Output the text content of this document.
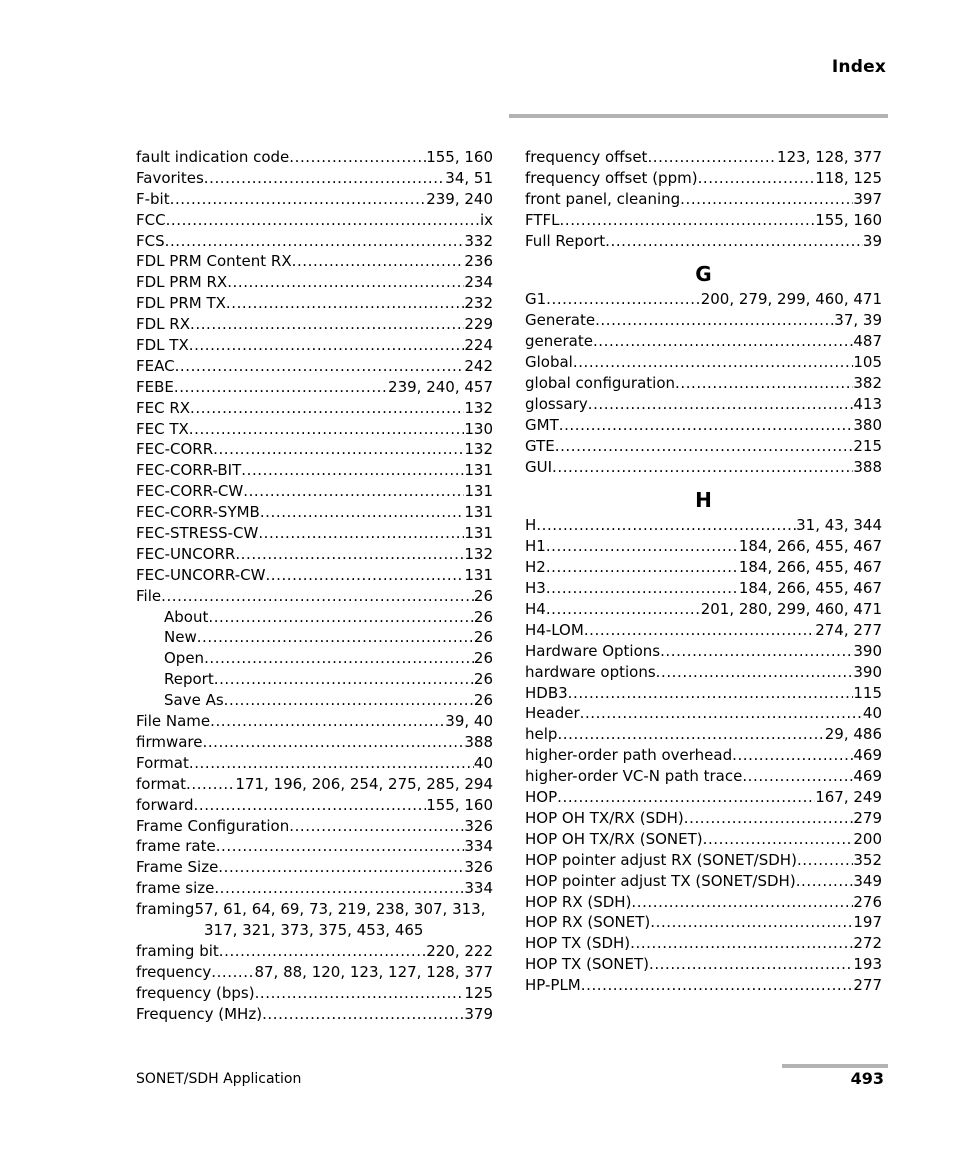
Index
fault indication code . . .	155, 160
Favorites . . .	34, 51
F-bit . . .	239, 240
FCC . . .	ix
FCS . . .	332
FDL PRM Content RX . . .	236
FDL PRM RX . . .	234
FDL PRM TX . . .	232
FDL RX . . .	229
FDL TX . . .	224
FEAC . . .	242
FEBE . . .	239, 240, 457
FEC RX . . .	132
FEC TX . . .	130
FEC-CORR . . .	132
FEC-CORR-BIT . . .	131
FEC-CORR-CW . . .	131
FEC-CORR-SYMB . . .	131
FEC-STRESS-CW . . .	131
FEC-UNCORR . . .	132
FEC-UNCORR-CW . . .	131
File . . .	26
About . . .	26
New . . .	26
Open . . .	26
Report . . .	26
Save As . . .	26
File Name . . .	39, 40
firmware . . .	388
Format . . .	40
format . . .	171, 196, 206, 254, 275, 285, 294
forward . . .	155, 160
Frame Configuration . . .	326
frame rate . . .	334
Frame Size . . .	326
frame size . . .	334
framing 57, 61, 64, 69, 73, 219, 238, 307, 313,
317, 321, 373, 375, 453, 465
framing bit . . .	220, 222
frequency . . .	87, 88, 120, 123, 127, 128, 377
frequency (bps) . . .	125
Frequency (MHz) . . .	379
frequency offset . . .	123, 128, 377
frequency offset (ppm) . . .	118, 125
front panel, cleaning . . .	397
FTFL . . .	155, 160
Full Report . . .	39
G
G1 . . .	200, 279, 299, 460, 471
Generate . . .	37, 39
generate . . .	487
Global . . .	105
global configuration . . .	382
glossary . . .	413
GMT . . .	380
GTE . . .	215
GUI . . .	388
H
H . . .	31, 43, 344
H1 . . .	184, 266, 455, 467
H2 . . .	184, 266, 455, 467
H3 . . .	184, 266, 455, 467
H4 . . .	201, 280, 299, 460, 471
H4-LOM . . .	274, 277
Hardware Options . . .	390
hardware options . . .	390
HDB3 . . .	115
Header . . .	40
help . . .	29, 486
higher-order path overhead . . .	469
higher-order VC-N path trace . . .	469
HOP . . .	167, 249
HOP OH TX/RX (SDH) . . .	279
HOP OH TX/RX (SONET) . . .	200
HOP pointer adjust RX (SONET/SDH) . . .	352
HOP pointer adjust TX (SONET/SDH) . . .	349
HOP RX (SDH) . . .	276
HOP RX (SONET) . . .	197
HOP TX (SDH) . . .	272
HOP TX (SONET) . . .	193
HP-PLM . . .	277
SONET/SDH Application	493
